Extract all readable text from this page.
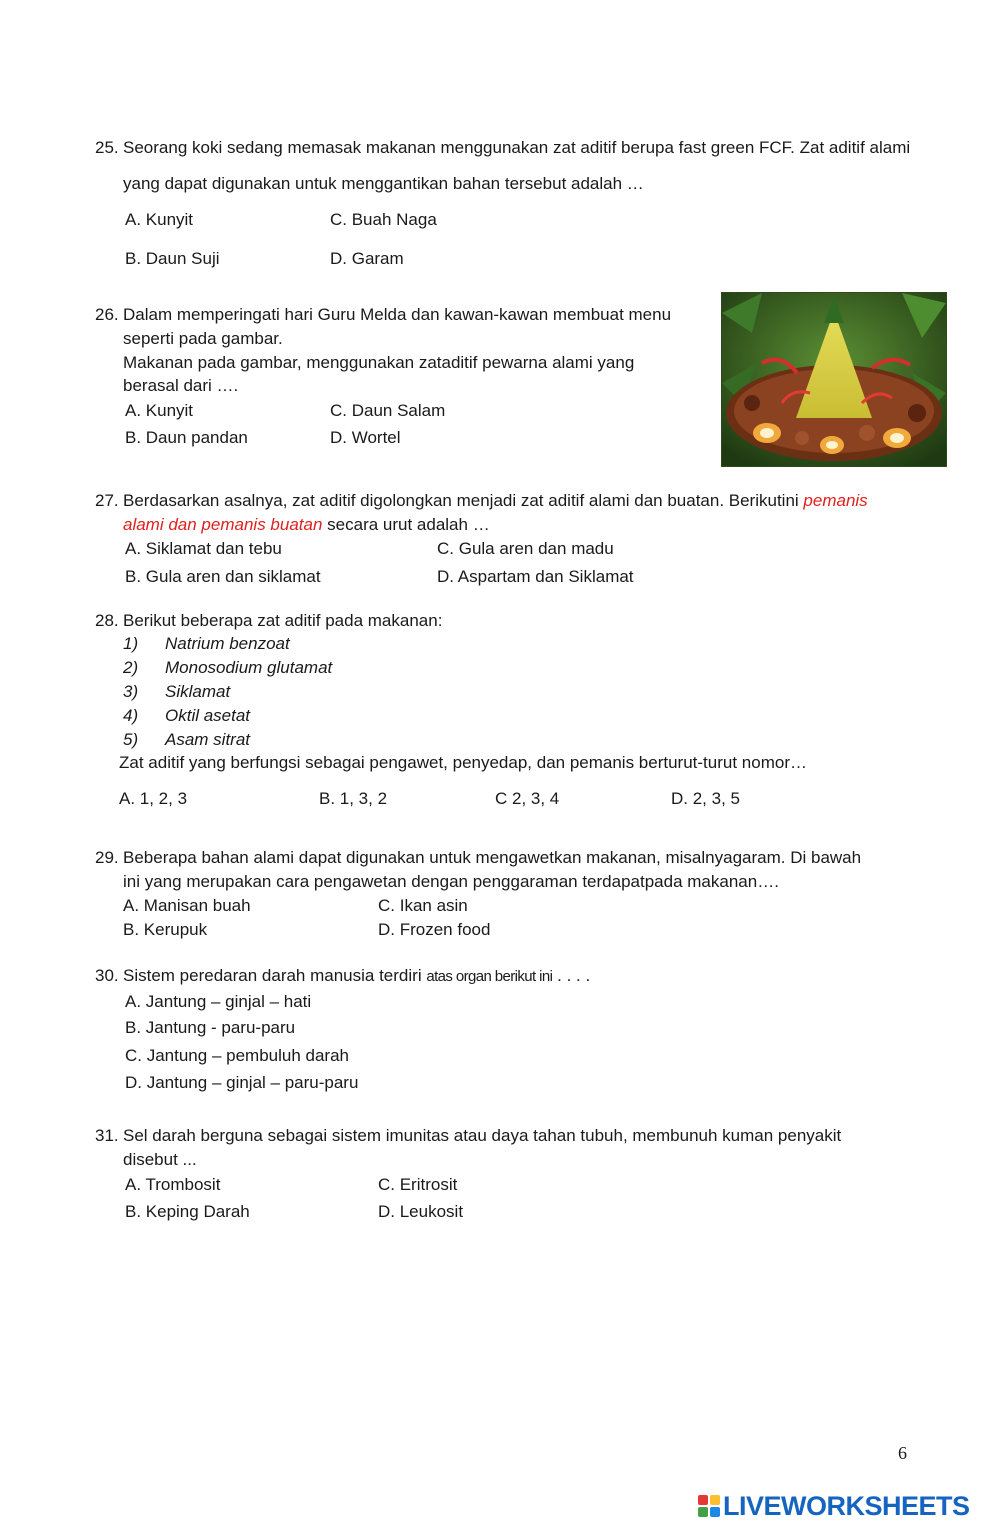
25. Seorang koki sedang memasak makanan menggunakan zat aditif berupa fast green FCF. Zat aditif alami
yang dapat digunakan untuk menggantikan bahan tersebut adalah …
A. Kunyit	C. Buah Naga
B. Daun Suji	D. Garam
26. Dalam memperingati hari Guru Melda dan kawan-kawan membuat menu
seperti pada gambar.
Makanan pada gambar, menggunakan zataditif pewarna alami yang
berasal dari ….
A. Kunyit	C. Daun Salam
B. Daun pandan	D. Wortel
27. Berdasarkan asalnya, zat aditif digolongkan menjadi zat aditif alami dan buatan. Berikutini pemanis
alami dan pemanis buatan secara urut adalah …
A. Siklamat dan tebu	C. Gula aren dan madu
B. Gula aren dan siklamat	D. Aspartam dan Siklamat
28. Berikut beberapa zat aditif pada makanan:
1) Natrium benzoat
2) Monosodium glutamat
3) Siklamat
4) Oktil asetat
5) Asam sitrat
Zat aditif yang berfungsi sebagai pengawet, penyedap, dan pemanis berturut-turut nomor…
A. 1, 2, 3	B. 1, 3, 2	C 2, 3, 4	D. 2, 3, 5
29. Beberapa bahan alami dapat digunakan untuk mengawetkan makanan, misalnyagaram. Di bawah
ini yang merupakan cara pengawetan dengan penggaraman terdapatpada makanan….
A. Manisan buah	C. Ikan asin
B. Kerupuk	D. Frozen food
30. Sistem peredaran darah manusia terdiri atas organ berikut ini . . . .
A. Jantung – ginjal – hati
B. Jantung - paru-paru
C. Jantung – pembuluh darah
D. Jantung – ginjal – paru-paru
31. Sel darah berguna sebagai sistem imunitas atau daya tahan tubuh, membunuh kuman penyakit
disebut ...
A. Trombosit	C. Eritrosit
B. Keping Darah	D. Leukosit
6
LIVEWORKSHEETS
